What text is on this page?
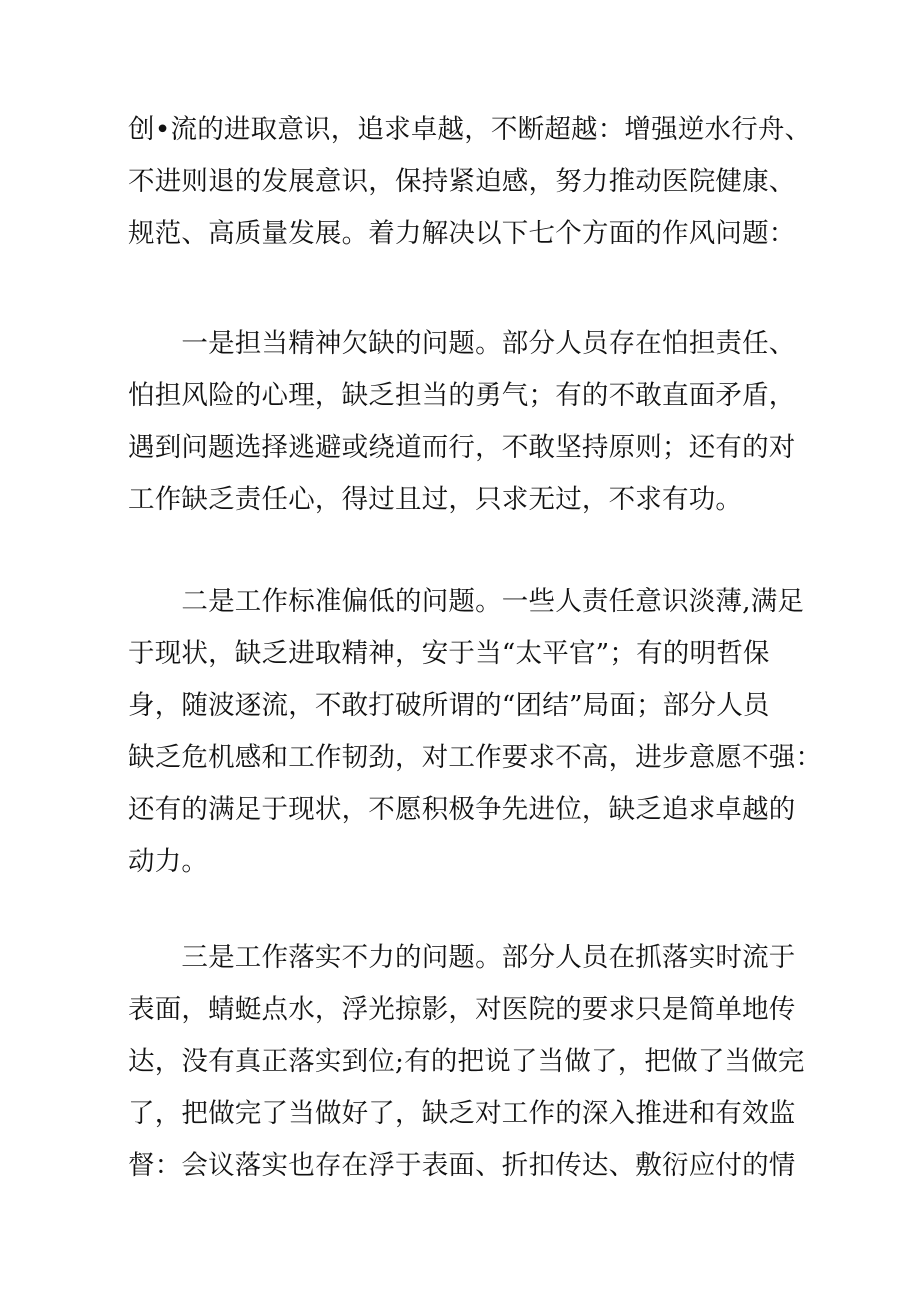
创•流的进取意识，追求卓越，不断超越：增强逆水行舟、
不进则退的发展意识，保持紧迫感，努力推动医院健康、
规范、高质量发展。着力解决以下七个方面的作风问题：
　　一是担当精神欠缺的问题。部分人员存在怕担责任、
怕担风险的心理，缺乏担当的勇气；有的不敢直面矛盾，
遇到问题选择逃避或绕道而行，不敢坚持原则；还有的对
工作缺乏责任心，得过且过，只求无过，不求有功。
　　二是工作标准偏低的问题。一些人责任意识淡薄,满足
于现状，缺乏进取精神，安于当“太平官”；有的明哲保
身，随波逐流，不敢打破所谓的“团结”局面；部分人员
缺乏危机感和工作韧劲，对工作要求不高，进步意愿不强：
还有的满足于现状，不愿积极争先进位，缺乏追求卓越的
动力。
　　三是工作落实不力的问题。部分人员在抓落实时流于
表面，蜻蜓点水，浮光掠影，对医院的要求只是简单地传
达，没有真正落实到位;有的把说了当做了，把做了当做完
了，把做完了当做好了，缺乏对工作的深入推进和有效监
督：会议落实也存在浮于表面、折扣传达、敷衍应付的情
